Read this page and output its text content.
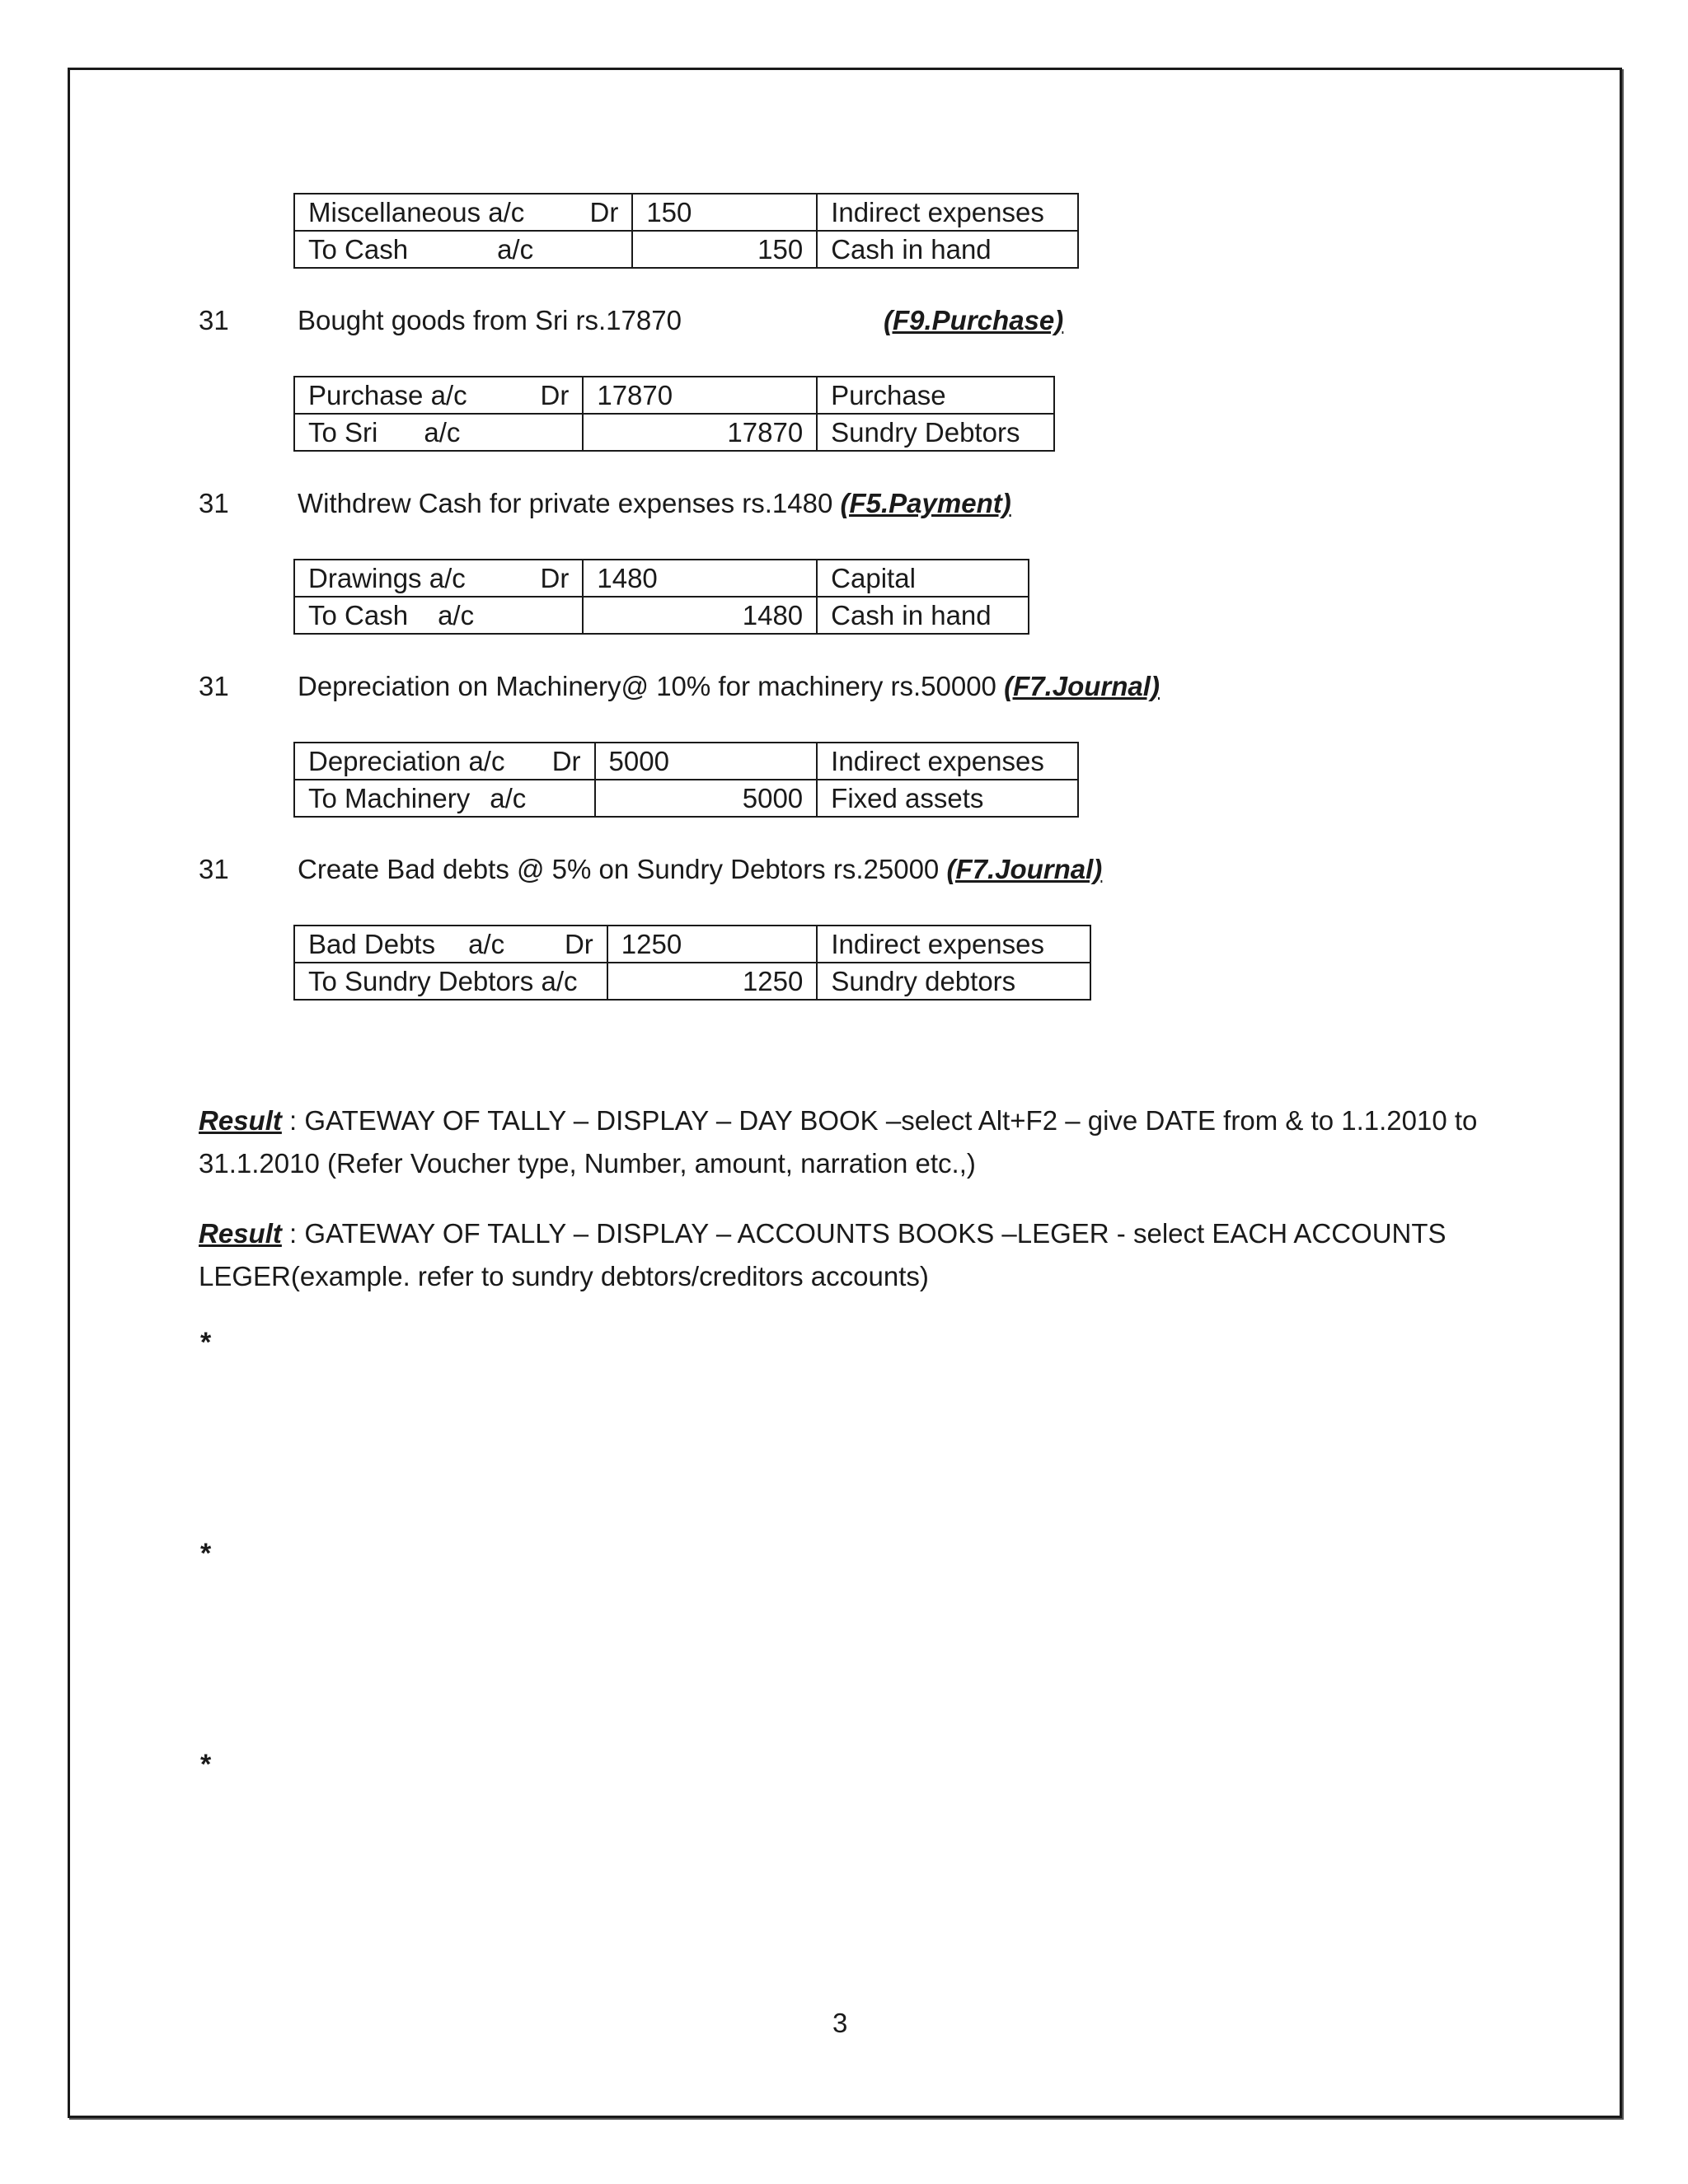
Miscellaneous a/c Dr	150	Indirect expenses
To Cash a/c	150	Cash in hand
31	Bought goods from Sri rs.17870	(F9.Purchase)
Purchase a/c Dr	17870	Purchase
To Sri a/c	17870	Sundry Debtors
31	Withdrew Cash for private expenses rs.1480 (F5.Payment)
Drawings a/c Dr	1480	Capital
To Cash a/c	1480	Cash in hand
31	Depreciation on Machinery@ 10% for machinery rs.50000 (F7.Journal)
Depreciation a/c Dr	5000	Indirect expenses
To Machinery a/c	5000	Fixed assets
31	Create Bad debts @ 5% on Sundry Debtors rs.25000 (F7.Journal)
Bad Debts a/c Dr	1250	Indirect expenses
To Sundry Debtors a/c	1250	Sundry debtors
Result : GATEWAY OF TALLY – DISPLAY – DAY BOOK –select Alt+F2 – give DATE from & to 1.1.2010 to
31.1.2010 (Refer Voucher type, Number, amount, narration etc.,)
Result : GATEWAY OF TALLY – DISPLAY – ACCOUNTS BOOKS –LEGER - select EACH ACCOUNTS
LEGER(example. refer to sundry debtors/creditors accounts)
*
*
*
3
